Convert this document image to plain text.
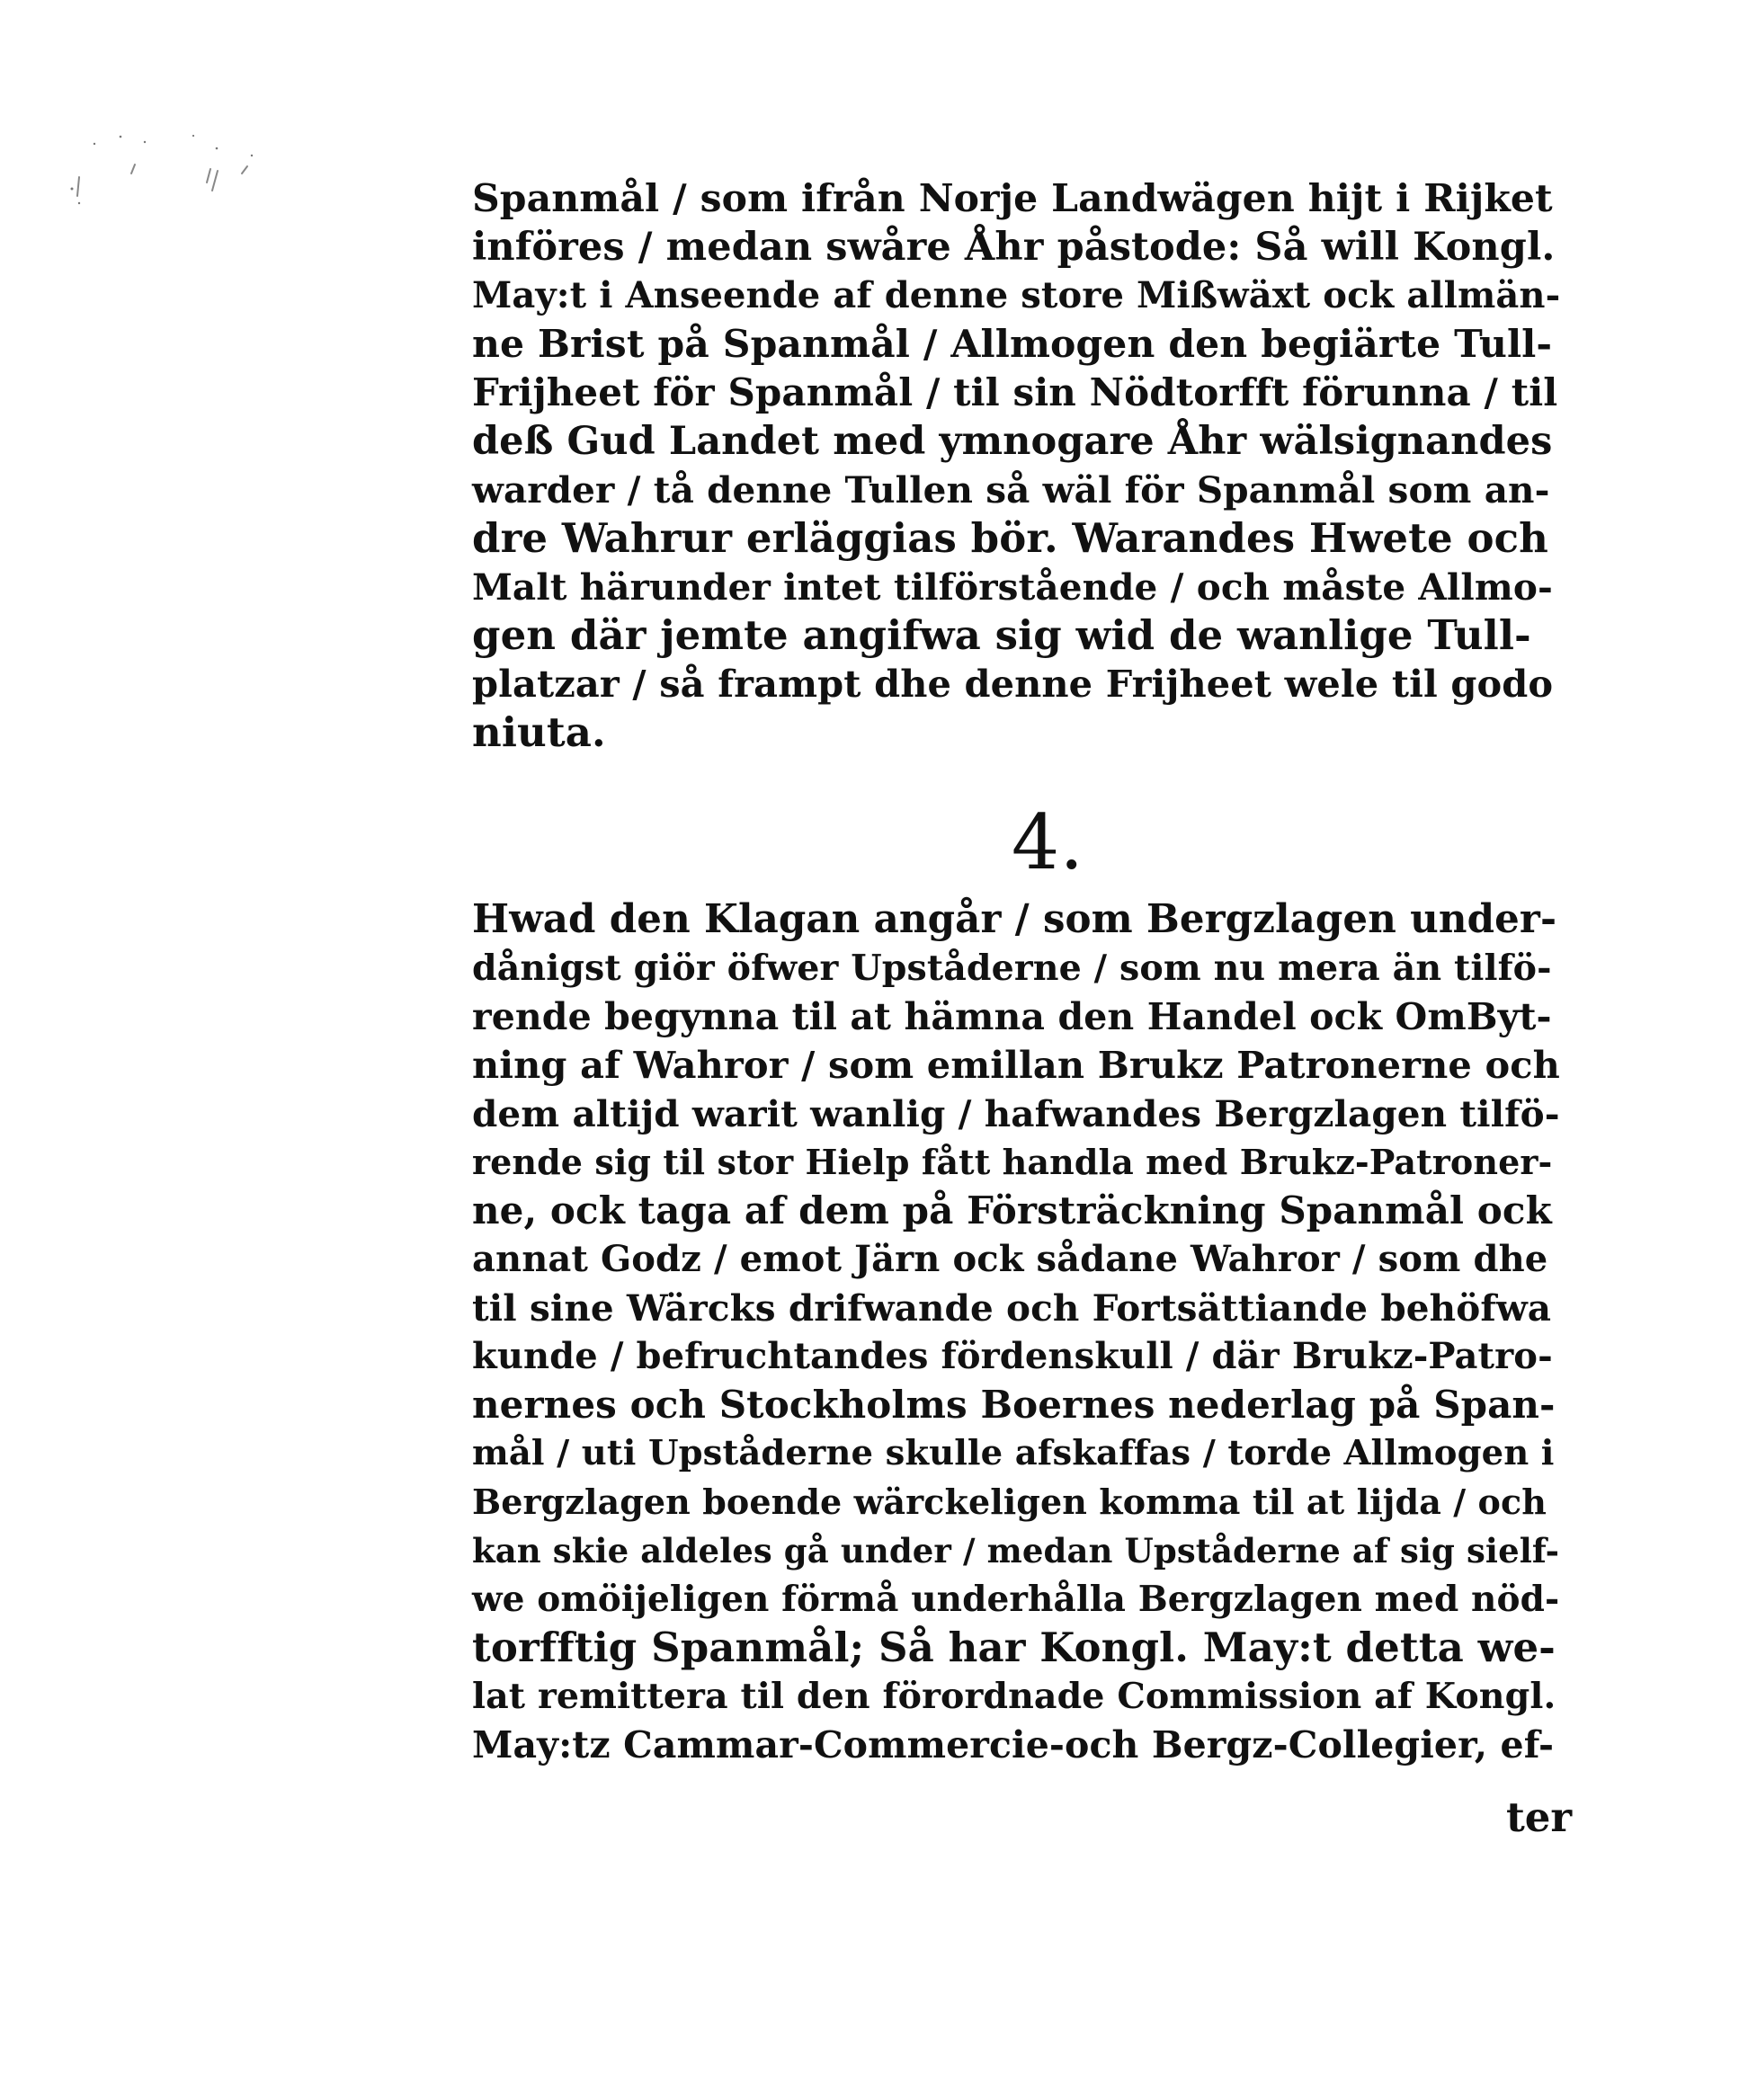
Spanmål / som ifrån Norje Landwägen hijt i Rijket
införes / medan swåre Åhr påstode: Så will Kongl.
May:t i Anseende af denne store Mißwäxt ock allmän-
ne Brist på Spanmål / Allmogen den begiärte Tull-
Frijheet för Spanmål / til sin Nödtorfft förunna / til
deß Gud Landet med ymnogare Åhr wälsignandes
warder / tå denne Tullen så wäl för Spanmål som an-
dre Wahrur erläggias bör. Warandes Hwete och
Malt härunder intet tilförstående / och måste Allmo-
gen där jemte angifwa sig wid de wanlige Tull-
platzar / så frampt dhe denne Frijheet wele til godo
niuta.
4.
Hwad den Klagan angår / som Bergzlagen under-
dånigst giör öfwer Upståderne / som nu mera än tilfö-
rende begynna til at hämna den Handel ock OmByt-
ning af Wahror / som emillan Brukz Patronerne och
dem altijd warit wanlig / hafwandes Bergzlagen tilfö-
rende sig til stor Hielp fått handla med Brukz-Patroner-
ne, ock taga af dem på Försträckning Spanmål ock
annat Godz / emot Järn ock sådane Wahror / som dhe
til sine Wärcks drifwande och Fortsättiande behöfwa
kunde / befruchtandes fördenskull / där Brukz-Patro-
nernes och Stockholms Boernes nederlag på Span-
mål / uti Upståderne skulle afskaffas / torde Allmogen i
Bergzlagen boende wärckeligen komma til at lijda / och
kan skie aldeles gå under / medan Upståderne af sig sielf-
we omöijeligen förmå underhålla Bergzlagen med nöd-
torfftig Spanmål; Så har Kongl. May:t detta we-
lat remittera til den förordnade Commission af Kongl.
May:tz Cammar-Commercie-och Bergz-Collegier, ef-
ter
